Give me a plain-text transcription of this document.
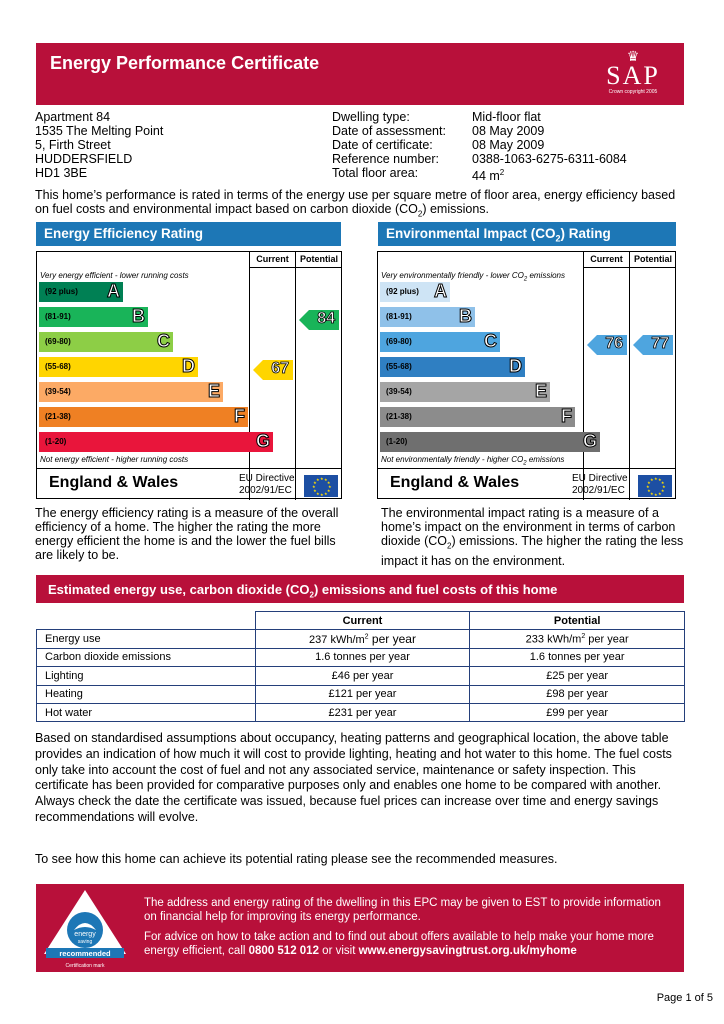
Energy Performance Certificate	♛
SAP
Crown copyright 2005
Apartment 84
1535 The Melting Point
5, Firth Street
HUDDERSFIELD
HD1 3BE
Dwelling type:	Mid-floor flat
Date of assessment:	08 May 2009
Date of certificate:	08 May 2009
Reference number:	0388-1063-6275-6311-6084
Total floor area:	44 $m^2$
This home’s performance is rated in terms of the energy use per square metre of floor area, energy efficiency based on fuel costs and environmental impact based on carbon dioxide $(CO_2)$ emissions.
Energy Efficiency Rating
Current	Potential
Very energy efficient - lower running costs
(92 plus) A
(81-91)	B
(69-80)	C
(55-68)	D
(39-54)	E
(21-38)	F
(1-20)	G
Not energy efficient - higher running costs
England & Wales	EU Directive
2002/91/EC	★
★
★
★
★
★
★
★
★ ★ ★
★
67
84
Environmental Impact $(CO_2)$ Rating
Current	Potential
Very environmentally friendly - lower $CO_2$ emissions
(92 plus) A
(81-91)	B
(69-80)	C
(55-68)	D
(39-54)	E
(21-38)	F
(1-20)	G
Not environmentally friendly - higher $CO_2$ emissions
England & Wales	EU Directive
2002/91/EC	★
★
★
★
★
★
★
★
★ ★ ★
★
76 77
The energy efficiency rating is a measure of the overall efficiency of a home. The higher the rating the more energy efficient the home is and the lower the fuel bills are likely to be.
The environmental impact rating is a measure of a home’s impact on the environment in terms of carbon dioxide $(CO_2)$ emissions. The higher the rating the less impact it has on the environment.
Estimated energy use, carbon dioxide $(CO_2)$ emissions and fuel costs of this home
	Current	Potential
Energy use	237 kWh/$m^2$ per year	233 kWh/$m^2$ per year
Carbon dioxide emissions	1.6 tonnes per year	1.6 tonnes per year
Lighting	£46 per year	£25 per year
Heating	£121 per year	£98 per year
Hot water	£231 per year	£99 per year
Based on standardised assumptions about occupancy, heating patterns and geographical location, the above table provides an indication of how much it will cost to provide lighting, heating and hot water to this home. The fuel costs only take into account the cost of fuel and not any associated service, maintenance or safety inspection. This certificate has been provided for comparative purposes only and enables one home to be compared with another. Always check the date the certificate was issued, because fuel prices can increase over time and energy savings recommendations will evolve.
To see how this home can achieve its potential rating please see the recommended measures.
energy
saving
recommended
Certification mark
The address and energy rating of the dwelling in this EPC may be given to EST to provide information on financial help for improving its energy performance.
For advice on how to take action and to find out about offers available to help make your home more energy efficient, call 0800 512 012 or visit www.energysavingtrust.org.uk/myhome
Page 1 of 5
